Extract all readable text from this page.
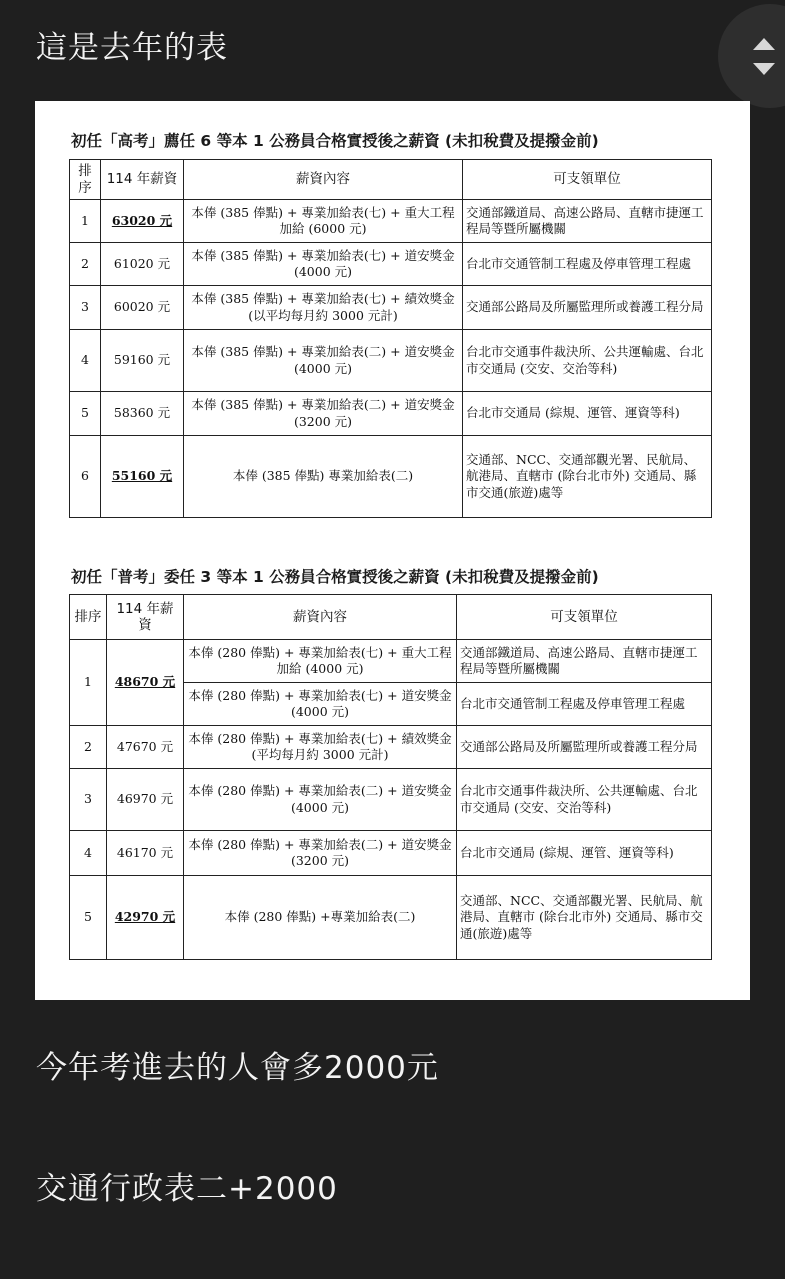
這是去年的表
初任「高考」薦任 6 等本 1 公務員合格實授後之薪資 (未扣稅費及提撥金前)
排序	114 年薪資	薪資內容	可支領單位
1	63020 元	本俸 (385 俸點) + 專業加給表(七) + 重大工程加給 (6000 元)	交通部鐵道局、高速公路局、直轄市捷運工程局等暨所屬機關
2	61020 元	本俸 (385 俸點) + 專業加給表(七) + 道安獎金 (4000 元)	台北市交通管制工程處及停車管理工程處
3	60020 元	本俸 (385 俸點) + 專業加給表(七) + 績效獎金 (以平均每月約 3000 元計)	交通部公路局及所屬監理所或養護工程分局
4	59160 元	本俸 (385 俸點) + 專業加給表(二) + 道安獎金 (4000 元)	台北市交通事件裁決所、公共運輸處、台北市交通局 (交安、交治等科)
5	58360 元	本俸 (385 俸點) + 專業加給表(二) + 道安獎金 (3200 元)	台北市交通局 (綜規、運管、運資等科)
6	55160 元	本俸 (385 俸點) 專業加給表(二)	交通部、NCC、交通部觀光署、民航局、航港局、直轄市 (除台北市外) 交通局、縣市交通(旅遊)處等
初任「普考」委任 3 等本 1 公務員合格實授後之薪資 (未扣稅費及提撥金前)
排序	114 年薪資	薪資內容	可支領單位
1	48670 元	本俸 (280 俸點) + 專業加給表(七) + 重大工程加給 (4000 元)	交通部鐵道局、高速公路局、直轄市捷運工程局等暨所屬機關
		本俸 (280 俸點) + 專業加給表(七) + 道安獎金 (4000 元)	台北市交通管制工程處及停車管理工程處
2	47670 元	本俸 (280 俸點) + 專業加給表(七) + 績效獎金 (平均每月約 3000 元計)	交通部公路局及所屬監理所或養護工程分局
3	46970 元	本俸 (280 俸點) + 專業加給表(二) + 道安獎金 (4000 元)	台北市交通事件裁決所、公共運輸處、台北市交通局 (交安、交治等科)
4	46170 元	本俸 (280 俸點) + 專業加給表(二) + 道安獎金 (3200 元)	台北市交通局 (綜規、運管、運資等科)
5	42970 元	本俸 (280 俸點) +專業加給表(二)	交通部、NCC、交通部觀光署、民航局、航港局、直轄市 (除台北市外) 交通局、縣市交通(旅遊)處等
今年考進去的人會多2000元
交通行政表二+2000
